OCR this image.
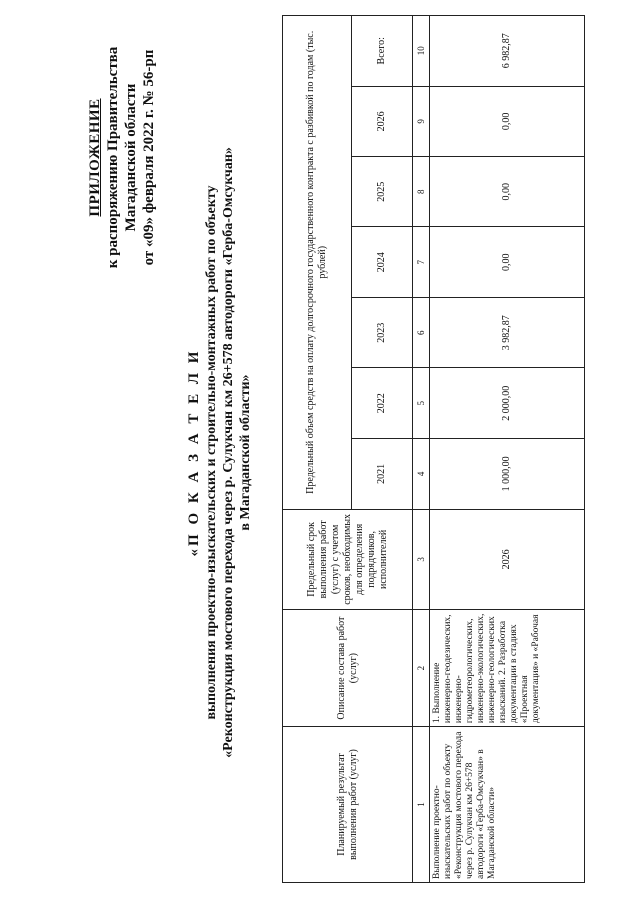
ПРИЛОЖЕНИЕ к распоряжению Правительства Магаданской области от «09» февраля 2022 г. № 56-рп
«П О К А З А Т Е Л И выполнения проектно-изыскательских и строительно-монтажных работ по объекту «Реконструкция мостового перехода через р. Сулукчан км 26+578 автодороги «Герба-Омсукчан» в Магаданской области»
Планируемый результат выполнения работ (услуг)	Описание состава работ (услуг)	Предельный срок выполнения работ (услуг) с учетом сроков, необходимых для определения подрядчиков, исполнителей	Предельный объем средств на оплату долгосрочного государственного контракта с разбивкой по годам (тыс. рублей)						
			2021	2022	2023	2024	2025	2026	Всего:
1	2	3	4	5	6	7	8	9	10

Выполнение проектно-изыскательских работ по объекту «Реконструкция мостового перехода через р. Сулукчан км 26+578 автодороги «Герба-Омсукчан» в Магаданской области»	1. Выполнение инженерно-геодезических, инженерно-гидрометеорологических, инженерно-экологических, инженерно-геологических изысканий. 2. Разработка документации в стадиях «Проектная документация» и «Рабочая	2026	1 000,00	2 000,00	3 982,87	0,00	0,00	0,00	6 982,87
